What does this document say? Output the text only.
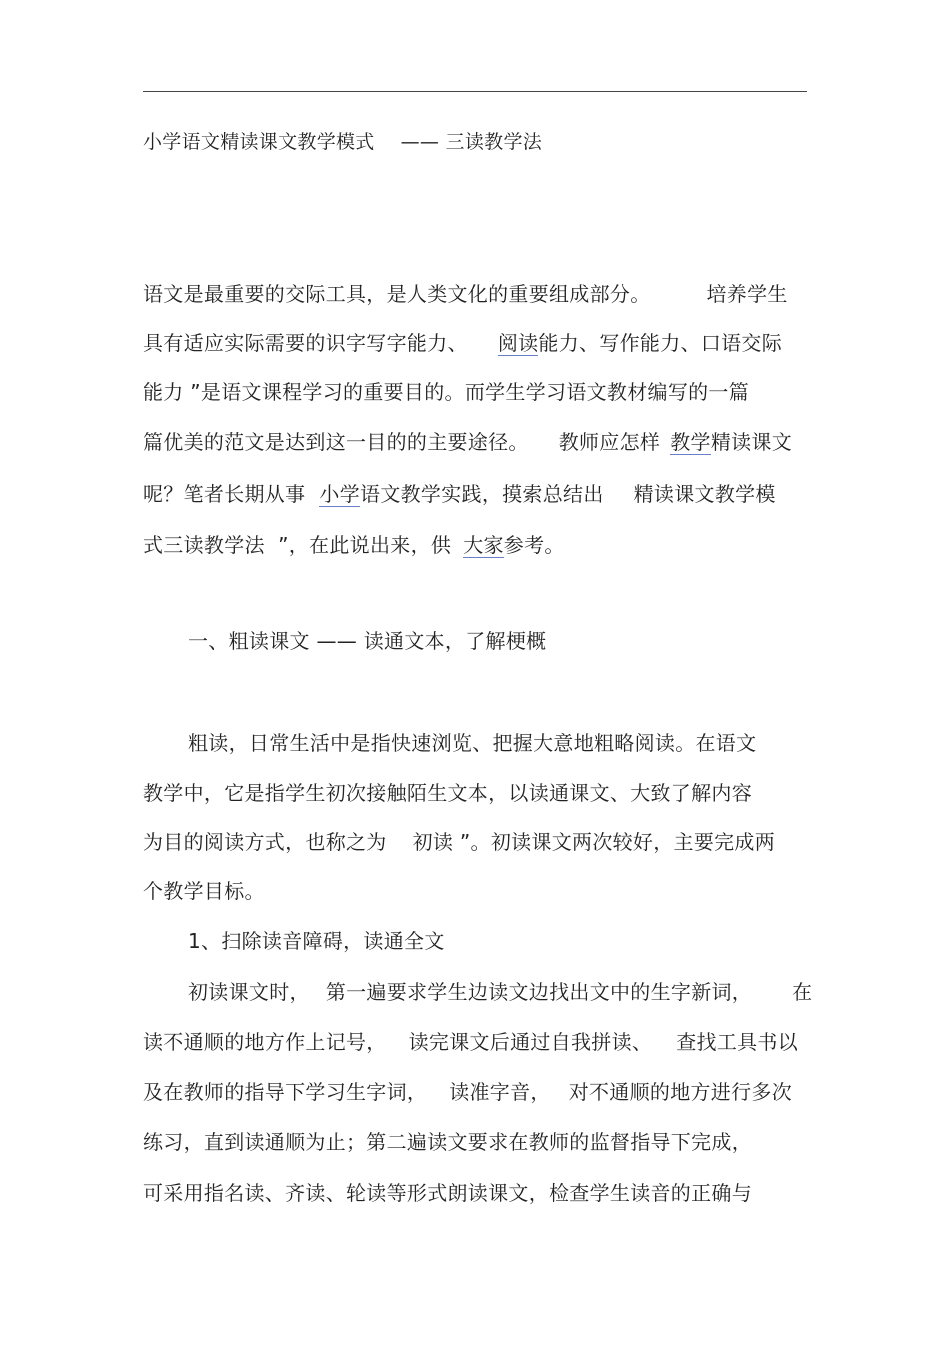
小学语文精读课文教学模式 —— 三读教学法
语文是最重要的交际工具，是人类文化的重要组成部分。	培养学生
具有适应实际需要的识字写字能力、 阅读能力、写作能力、口语交际
能力 ”是语文课程学习的重要目的。而学生学习语文教材编写的一篇
篇优美的范文是达到这一目的的主要途径。 教师应怎样 教学精读课文
呢？笔者长期从事 小学语文教学实践，摸索总结出 精读课文教学模
式三读教学法  ”，在此说出来，供 大家参考。
一、粗读课文 —— 读通文本，了解梗概
粗读，日常生活中是指快速浏览、把握大意地粗略阅读。在语文
教学中，它是指学生初次接触陌生文本，以读通课文、大致了解内容
为目的阅读方式，也称之为 初读 ”。初读课文两次较好，主要完成两
个教学目标。
1、扫除读音障碍，读通全文
初读课文时， 第一遍要求学生边读文边找出文中的生字新词， 在
读不通顺的地方作上记号， 读完课文后通过自我拼读、 查找工具书以
及在教师的指导下学习生字词， 读准字音， 对不通顺的地方进行多次
练习，直到读通顺为止；第二遍读文要求在教师的监督指导下完成，
可采用指名读、齐读、轮读等形式朗读课文，检查学生读音的正确与
